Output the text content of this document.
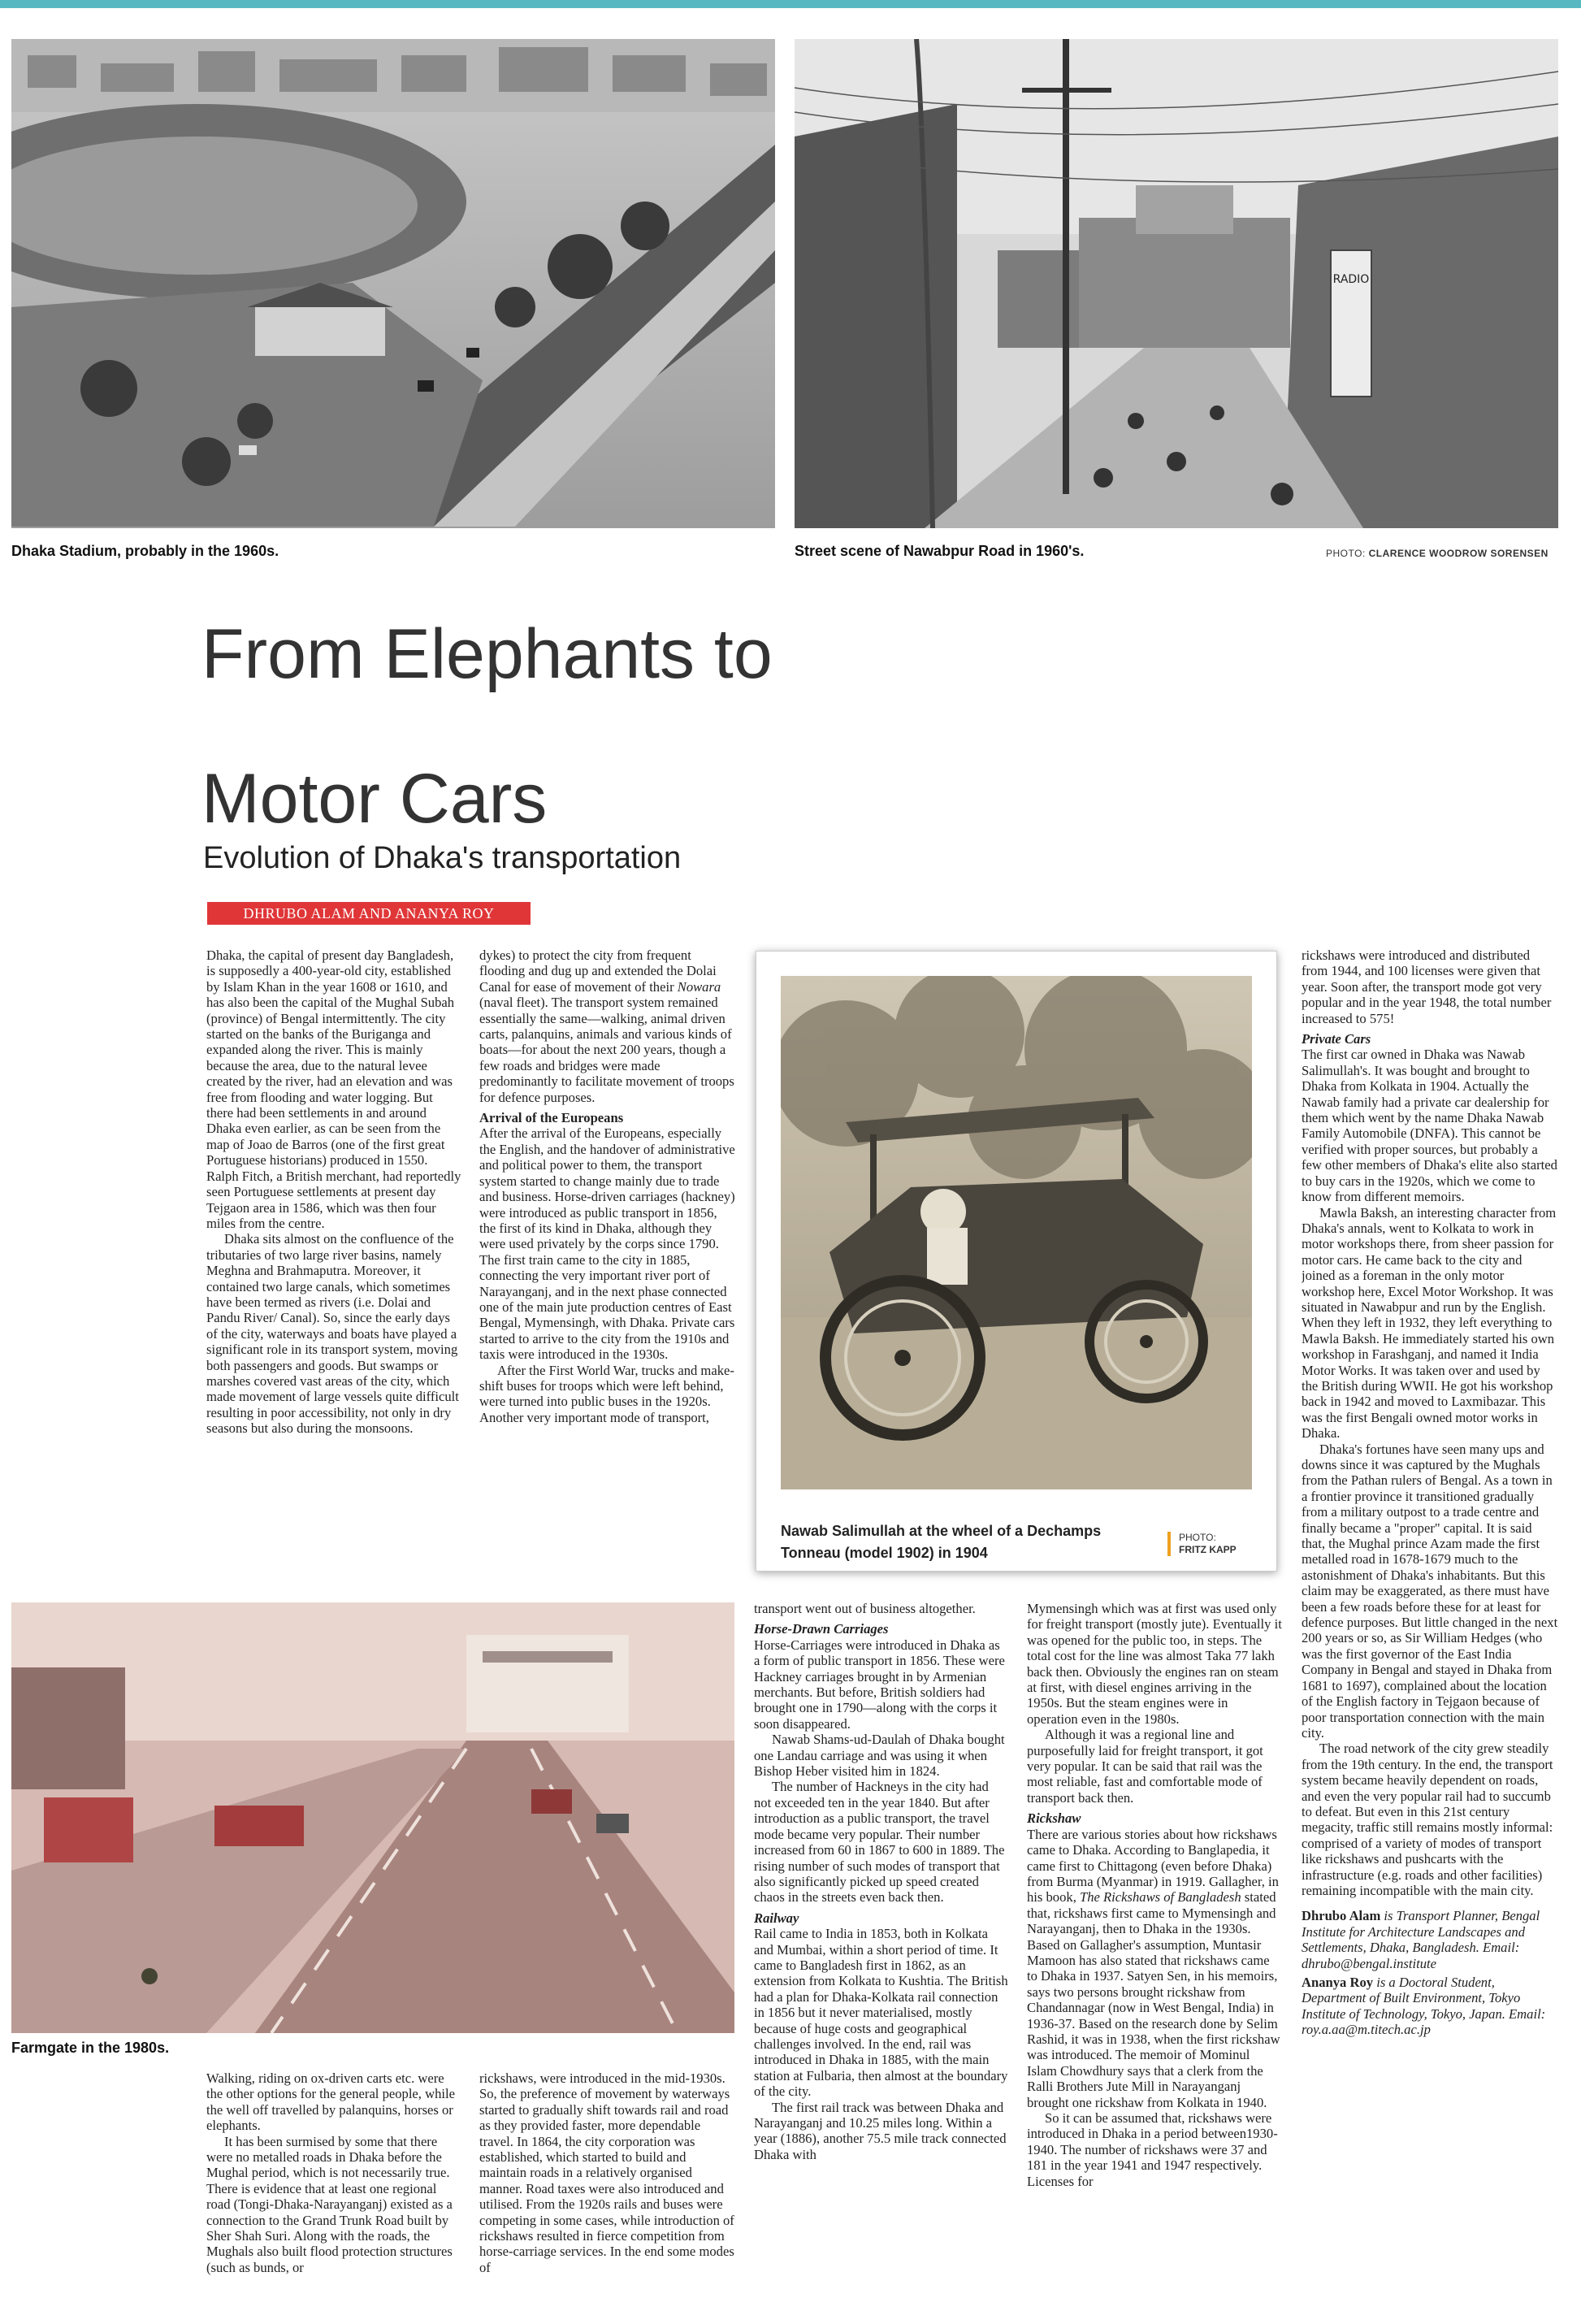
Dhaka Stadium, probably in the 1960s.
RADIO
Street scene of Nawabpur Road in 1960's.	PHOTO: CLARENCE WOODROW SORENSEN
From Elephants to
Motor Cars
Evolution of Dhaka's transportation
DHRUBO ALAM AND ANANYA ROY

Dhaka, the capital of present day Bangladesh, is supposedly a 400-year-old city, established by Islam Khan in the year 1608 or 1610, and has also been the capital of the Mughal Subah (province) of Bengal intermittently. The city started on the banks of the Buriganga and expanded along the river. This is mainly because the area, due to the natural levee created by the river, had an elevation and was free from flooding and water logging. But there had been settlements in and around Dhaka even earlier, as can be seen from the map of Joao de Barros (one of the first great Portuguese historians) produced in 1550. Ralph Fitch, a British merchant, had reportedly seen Portuguese settlements at present day Tejgaon area in 1586, which was then four miles from the centre.

Dhaka sits almost on the confluence of the tributaries of two large river basins, namely Meghna and Brahmaputra. Moreover, it contained two large canals, which sometimes have been termed as rivers (i.e. Dolai and Pandu River/ Canal). So, since the early days of the city, waterways and boats have played a significant role in its transport system, moving both passengers and goods. But swamps or marshes covered vast areas of the city, which made movement of large vessels quite difficult resulting in poor accessibility, not only in dry seasons but also during the monsoons.

dykes) to protect the city from frequent flooding and dug up and extended the Dolai Canal for ease of movement of their Nowara (naval fleet). The transport system remained essentially the same—walking, animal driven carts, palanquins, animals and various kinds of boats—for about the next 200 years, though a few roads and bridges were made predominantly to facilitate movement of troops for defence purposes.

Arrival of the Europeans

After the arrival of the Europeans, especially the English, and the handover of administrative and political power to them, the transport system started to change mainly due to trade and business. Horse-driven carriages (hackney) were introduced as public transport in 1856, the first of its kind in Dhaka, although they were used privately by the corps since 1790. The first train came to the city in 1885, connecting the very important river port of Narayanganj, and in the next phase connected one of the main jute production centres of East Bengal, Mymensingh, with Dhaka. Private cars started to arrive to the city from the 1910s and taxis were introduced in the 1930s.

After the First World War, trucks and make-shift buses for troops which were left behind, were turned into public buses in the 1920s. Another very important mode of transport,

Nawab Salimullah at the wheel of a Dechamps Tonneau (model 1902) in 1904
PHOTO:
FRITZ KAPP

rickshaws were introduced and distributed from 1944, and 100 licenses were given that year. Soon after, the transport mode got very popular and in the year 1948, the total number increased to 575!

Private Cars

The first car owned in Dhaka was Nawab Salimullah's. It was bought and brought to Dhaka from Kolkata in 1904. Actually the Nawab family had a private car dealership for them which went by the name Dhaka Nawab Family Automobile (DNFA). This cannot be verified with proper sources, but probably a few other members of Dhaka's elite also started to buy cars in the 1920s, which we come to know from different memoirs.

Mawla Baksh, an interesting character from Dhaka's annals, went to Kolkata to work in motor workshops there, from sheer passion for motor cars. He came back to the city and joined as a foreman in the only motor workshop here, Excel Motor Workshop. It was situated in Nawabpur and run by the English. When they left in 1932, they left everything to Mawla Baksh. He immediately started his own workshop in Farashganj, and named it India Motor Works. It was taken over and used by the British during WWII. He got his workshop back in 1942 and moved to Laxmibazar. This was the first Bengali owned motor works in Dhaka.

Dhaka's fortunes have seen many ups and downs since it was captured by the Mughals from the Pathan rulers of Bengal. As a town in a frontier province it transitioned gradually from a military outpost to a trade centre and finally became a "proper" capital. It is said that, the Mughal prince Azam made the first metalled road in 1678-1679 much to the astonishment of Dhaka's inhabitants. But this claim may be exaggerated, as there must have been a few roads before these for at least for defence purposes. But little changed in the next 200 years or so, as Sir William Hedges (who was the first governor of the East India Company in Bengal and stayed in Dhaka from 1681 to 1697), complained about the location of the English factory in Tejgaon because of poor transportation connection with the main city.

The road network of the city grew steadily from the 19th century. In the end, the transport system became heavily dependent on roads, and even the very popular rail had to succumb to defeat. But even in this 21st century megacity, traffic still remains mostly informal: comprised of a variety of modes of transport like rickshaws and pushcarts with the infrastructure (e.g. roads and other facilities) remaining incompatible with the main city.

Dhrubo Alam is Transport Planner, Bengal Institute for Architecture Landscapes and Settlements, Dhaka, Bangladesh. Email: dhrubo@bengal.institute

Ananya Roy is a Doctoral Student, Department of Built Environment, Tokyo Institute of Technology, Tokyo, Japan. Email: roy.a.aa@m.titech.ac.jp

Farmgate in the 1980s.

Walking, riding on ox-driven carts etc. were the other options for the general people, while the well off travelled by palanquins, horses or elephants.

It has been surmised by some that there were no metalled roads in Dhaka before the Mughal period, which is not necessarily true. There is evidence that at least one regional road (Tongi-Dhaka-Narayanganj) existed as a connection to the Grand Trunk Road built by Sher Shah Suri. Along with the roads, the Mughals also built flood protection structures (such as bunds, or

rickshaws, were introduced in the mid-1930s. So, the preference of movement by waterways started to gradually shift towards rail and road as they provided faster, more dependable travel. In 1864, the city corporation was established, which started to build and maintain roads in a relatively organised manner. Road taxes were also introduced and utilised. From the 1920s rails and buses were competing in some cases, while introduction of rickshaws resulted in fierce competition from horse-carriage services. In the end some modes of

transport went out of business altogether.

Horse-Drawn Carriages

Horse-Carriages were introduced in Dhaka as a form of public transport in 1856. These were Hackney carriages brought in by Armenian merchants. But before, British soldiers had brought one in 1790—along with the corps it soon disappeared.

Nawab Shams-ud-Daulah of Dhaka bought one Landau carriage and was using it when Bishop Heber visited him in 1824.

The number of Hackneys in the city had not exceeded ten in the year 1840. But after introduction as a public transport, the travel mode became very popular. Their number increased from 60 in 1867 to 600 in 1889. The rising number of such modes of transport that also significantly picked up speed created chaos in the streets even back then.

Railway

Rail came to India in 1853, both in Kolkata and Mumbai, within a short period of time. It came to Bangladesh first in 1862, as an extension from Kolkata to Kushtia. The British had a plan for Dhaka-Kolkata rail connection in 1856 but it never materialised, mostly because of huge costs and geographical challenges involved. In the end, rail was introduced in Dhaka in 1885, with the main station at Fulbaria, then almost at the boundary of the city.

The first rail track was between Dhaka and Narayanganj and 10.25 miles long. Within a year (1886), another 75.5 mile track connected Dhaka with

Mymensingh which was at first was used only for freight transport (mostly jute). Eventually it was opened for the public too, in steps. The total cost for the line was almost Taka 77 lakh back then. Obviously the engines ran on steam at first, with diesel engines arriving in the 1950s. But the steam engines were in operation even in the 1980s.

Although it was a regional line and purposefully laid for freight transport, it got very popular. It can be said that rail was the most reliable, fast and comfortable mode of transport back then.

Rickshaw

There are various stories about how rickshaws came to Dhaka. According to Banglapedia, it came first to Chittagong (even before Dhaka) from Burma (Myanmar) in 1919. Gallagher, in his book, The Rickshaws of Bangladesh stated that, rickshaws first came to Mymensingh and Narayanganj, then to Dhaka in the 1930s. Based on Gallagher's assumption, Muntasir Mamoon has also stated that rickshaws came to Dhaka in 1937. Satyen Sen, in his memoirs, says two persons brought rickshaw from Chandannagar (now in West Bengal, India) in 1936-37. Based on the research done by Selim Rashid, it was in 1938, when the first rickshaw was introduced. The memoir of Mominul Islam Chowdhury says that a clerk from the Ralli Brothers Jute Mill in Narayanganj brought one rickshaw from Kolkata in 1940.

So it can be assumed that, rickshaws were introduced in Dhaka in a period between1930-1940. The number of rickshaws were 37 and 181 in the year 1941 and 1947 respectively. Licenses for
